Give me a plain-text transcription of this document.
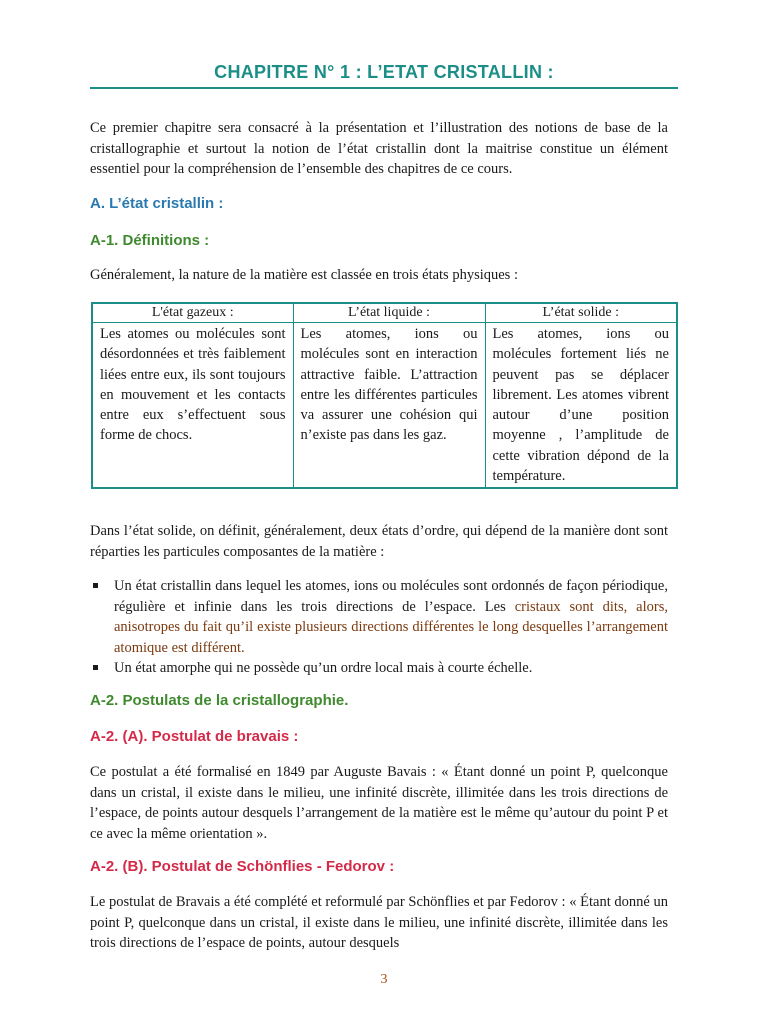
CHAPITRE N° 1 : L’ETAT CRISTALLIN :

Ce premier chapitre sera consacré à la présentation et l’illustration des notions de base de la cristallographie et surtout la notion de l’état cristallin dont la maitrise constitue un élément essentiel pour la compréhension de l’ensemble des chapitres de ce cours.

A. L’état cristallin :
A-1. Définitions :

Généralement, la nature de la matière est classée en trois états physiques :

L'état gazeux :	L’état liquide :	L’état solide :
Les atomes ou molécules sont désordonnées et très faiblement liées entre eux, ils sont toujours en mouvement et les contacts entre eux s’effectuent sous forme de chocs.	Les atomes, ions ou molécules sont en interaction attractive faible. L’attraction entre les différentes particules va assurer une cohésion qui n’existe pas dans les gaz.	Les atomes, ions ou molécules fortement liés ne peuvent pas se déplacer librement. Les atomes vibrent autour d’une position moyenne , l’amplitude de cette vibration dépond de la température.

Dans l’état solide, on définit, généralement, deux états d’ordre, qui dépend de la manière dont sont réparties les particules composantes de la matière :

Un état cristallin dans lequel les atomes, ions ou molécules sont ordonnés de façon périodique, régulière et infinie dans les trois directions de l’espace. Les cristaux sont dits, alors, anisotropes du fait qu’il existe plusieurs directions différentes le long desquelles l’arrangement atomique est différent.
Un état amorphe qui ne possède qu’un ordre local mais à courte échelle.
A-2. Postulats de la cristallographie.
A-2. (A). Postulat de bravais :

Ce postulat a été formalisé en 1849 par Auguste Bavais : « Étant donné un point P, quelconque dans un cristal, il existe dans le milieu, une infinité discrète, illimitée dans les trois directions de l’espace, de points autour desquels l’arrangement de la matière est le même qu’autour du point P et ce avec la même orientation ».

A-2. (B). Postulat de Schönflies - Fedorov :

Le postulat de Bravais a été complété et reformulé par Schönflies et par Fedorov : « Étant donné un point P, quelconque dans un cristal, il existe dans le milieu, une infinité discrète, illimitée dans les trois directions de l’espace de points, autour desquels

3
